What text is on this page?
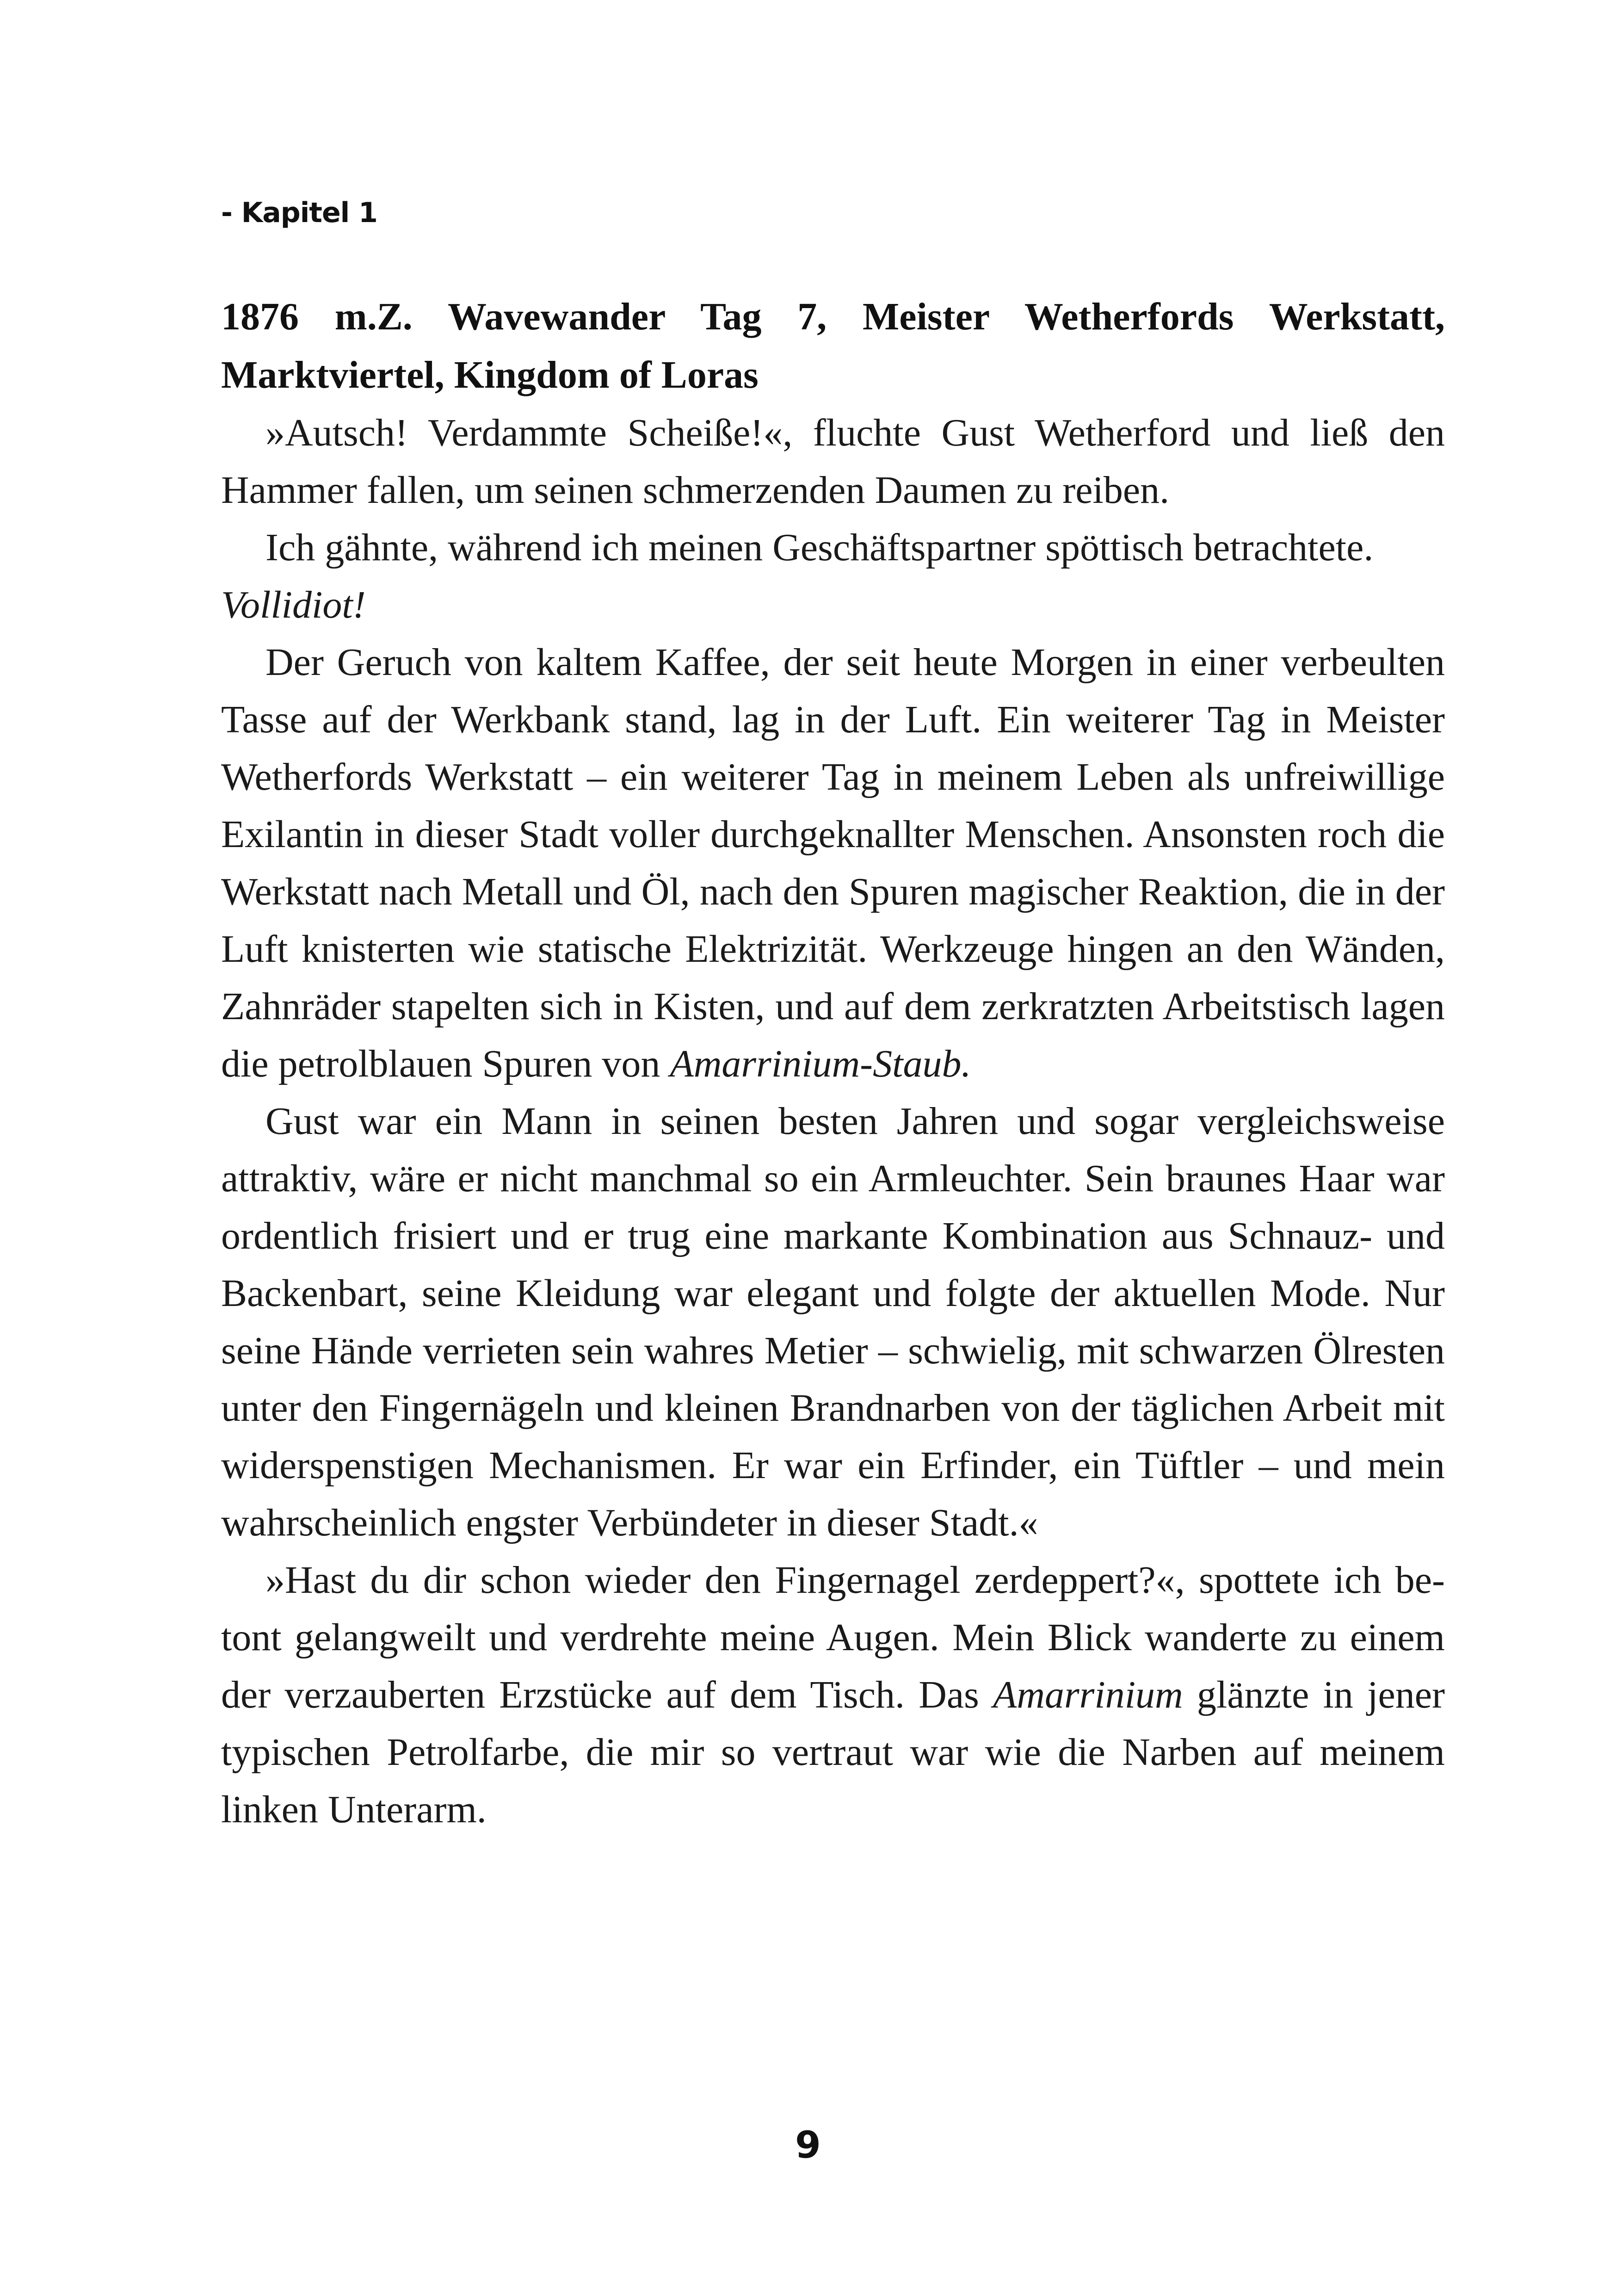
- Kapitel 1

1876 m.Z. Wavewander Tag 7, Meister Wetherfords Werkstatt, Marktviertel, Kingdom of Loras

»Autsch! Verdammte Scheiße!«, fluchte Gust Wetherford und ließ den Hammer fallen, um seinen schmerzenden Daumen zu reiben.

Ich gähnte, während ich meinen Geschäftspartner spöttisch betrachtete.
Vollidiot!

Der Geruch von kaltem Kaffee, der seit heute Morgen in einer verbeulten Tasse auf der Werkbank stand, lag in der Luft. Ein weiterer Tag in Meister Wetherfords Werkstatt – ein weiterer Tag in meinem Leben als unfreiwillige Exilantin in dieser Stadt voller durchgeknallter Menschen. Ansonsten roch die Werkstatt nach Metall und Öl, nach den Spuren magischer Reaktion, die in der Luft knisterten wie statische Elektrizität. Werkzeuge hingen an den Wänden, Zahnräder stapelten sich in Kisten, und auf dem zerkratzten Arbeitstisch lagen die petrolblauen Spuren von Amarrinium-Staub.

Gust war ein Mann in seinen besten Jahren und sogar vergleichsweise attraktiv, wäre er nicht manchmal so ein Armleuchter. Sein braunes Haar war ordentlich frisiert und er trug eine markante Kombination aus Schnauz- und Backenbart, seine Kleidung war elegant und folgte der aktuellen Mode. Nur seine Hände verrieten sein wahres Metier – schwielig, mit schwarzen Ölresten unter den Fingernägeln und kleinen Brandnarben von der täglichen Arbeit mit widerspenstigen Mechanismen. Er war ein Erfinder, ein Tüftler – und mein wahrscheinlich engster Verbündeter in dieser Stadt.«

»Hast du dir schon wieder den Fingernagel zerdeppert?«, spottete ich betont gelangweilt und verdrehte meine Augen. Mein Blick wanderte zu einem der verzauberten Erzstücke auf dem Tisch. Das Amarrinium glänzte in jener typischen Petrolfarbe, die mir so vertraut war wie die Narben auf meinem linken Unterarm.

9
